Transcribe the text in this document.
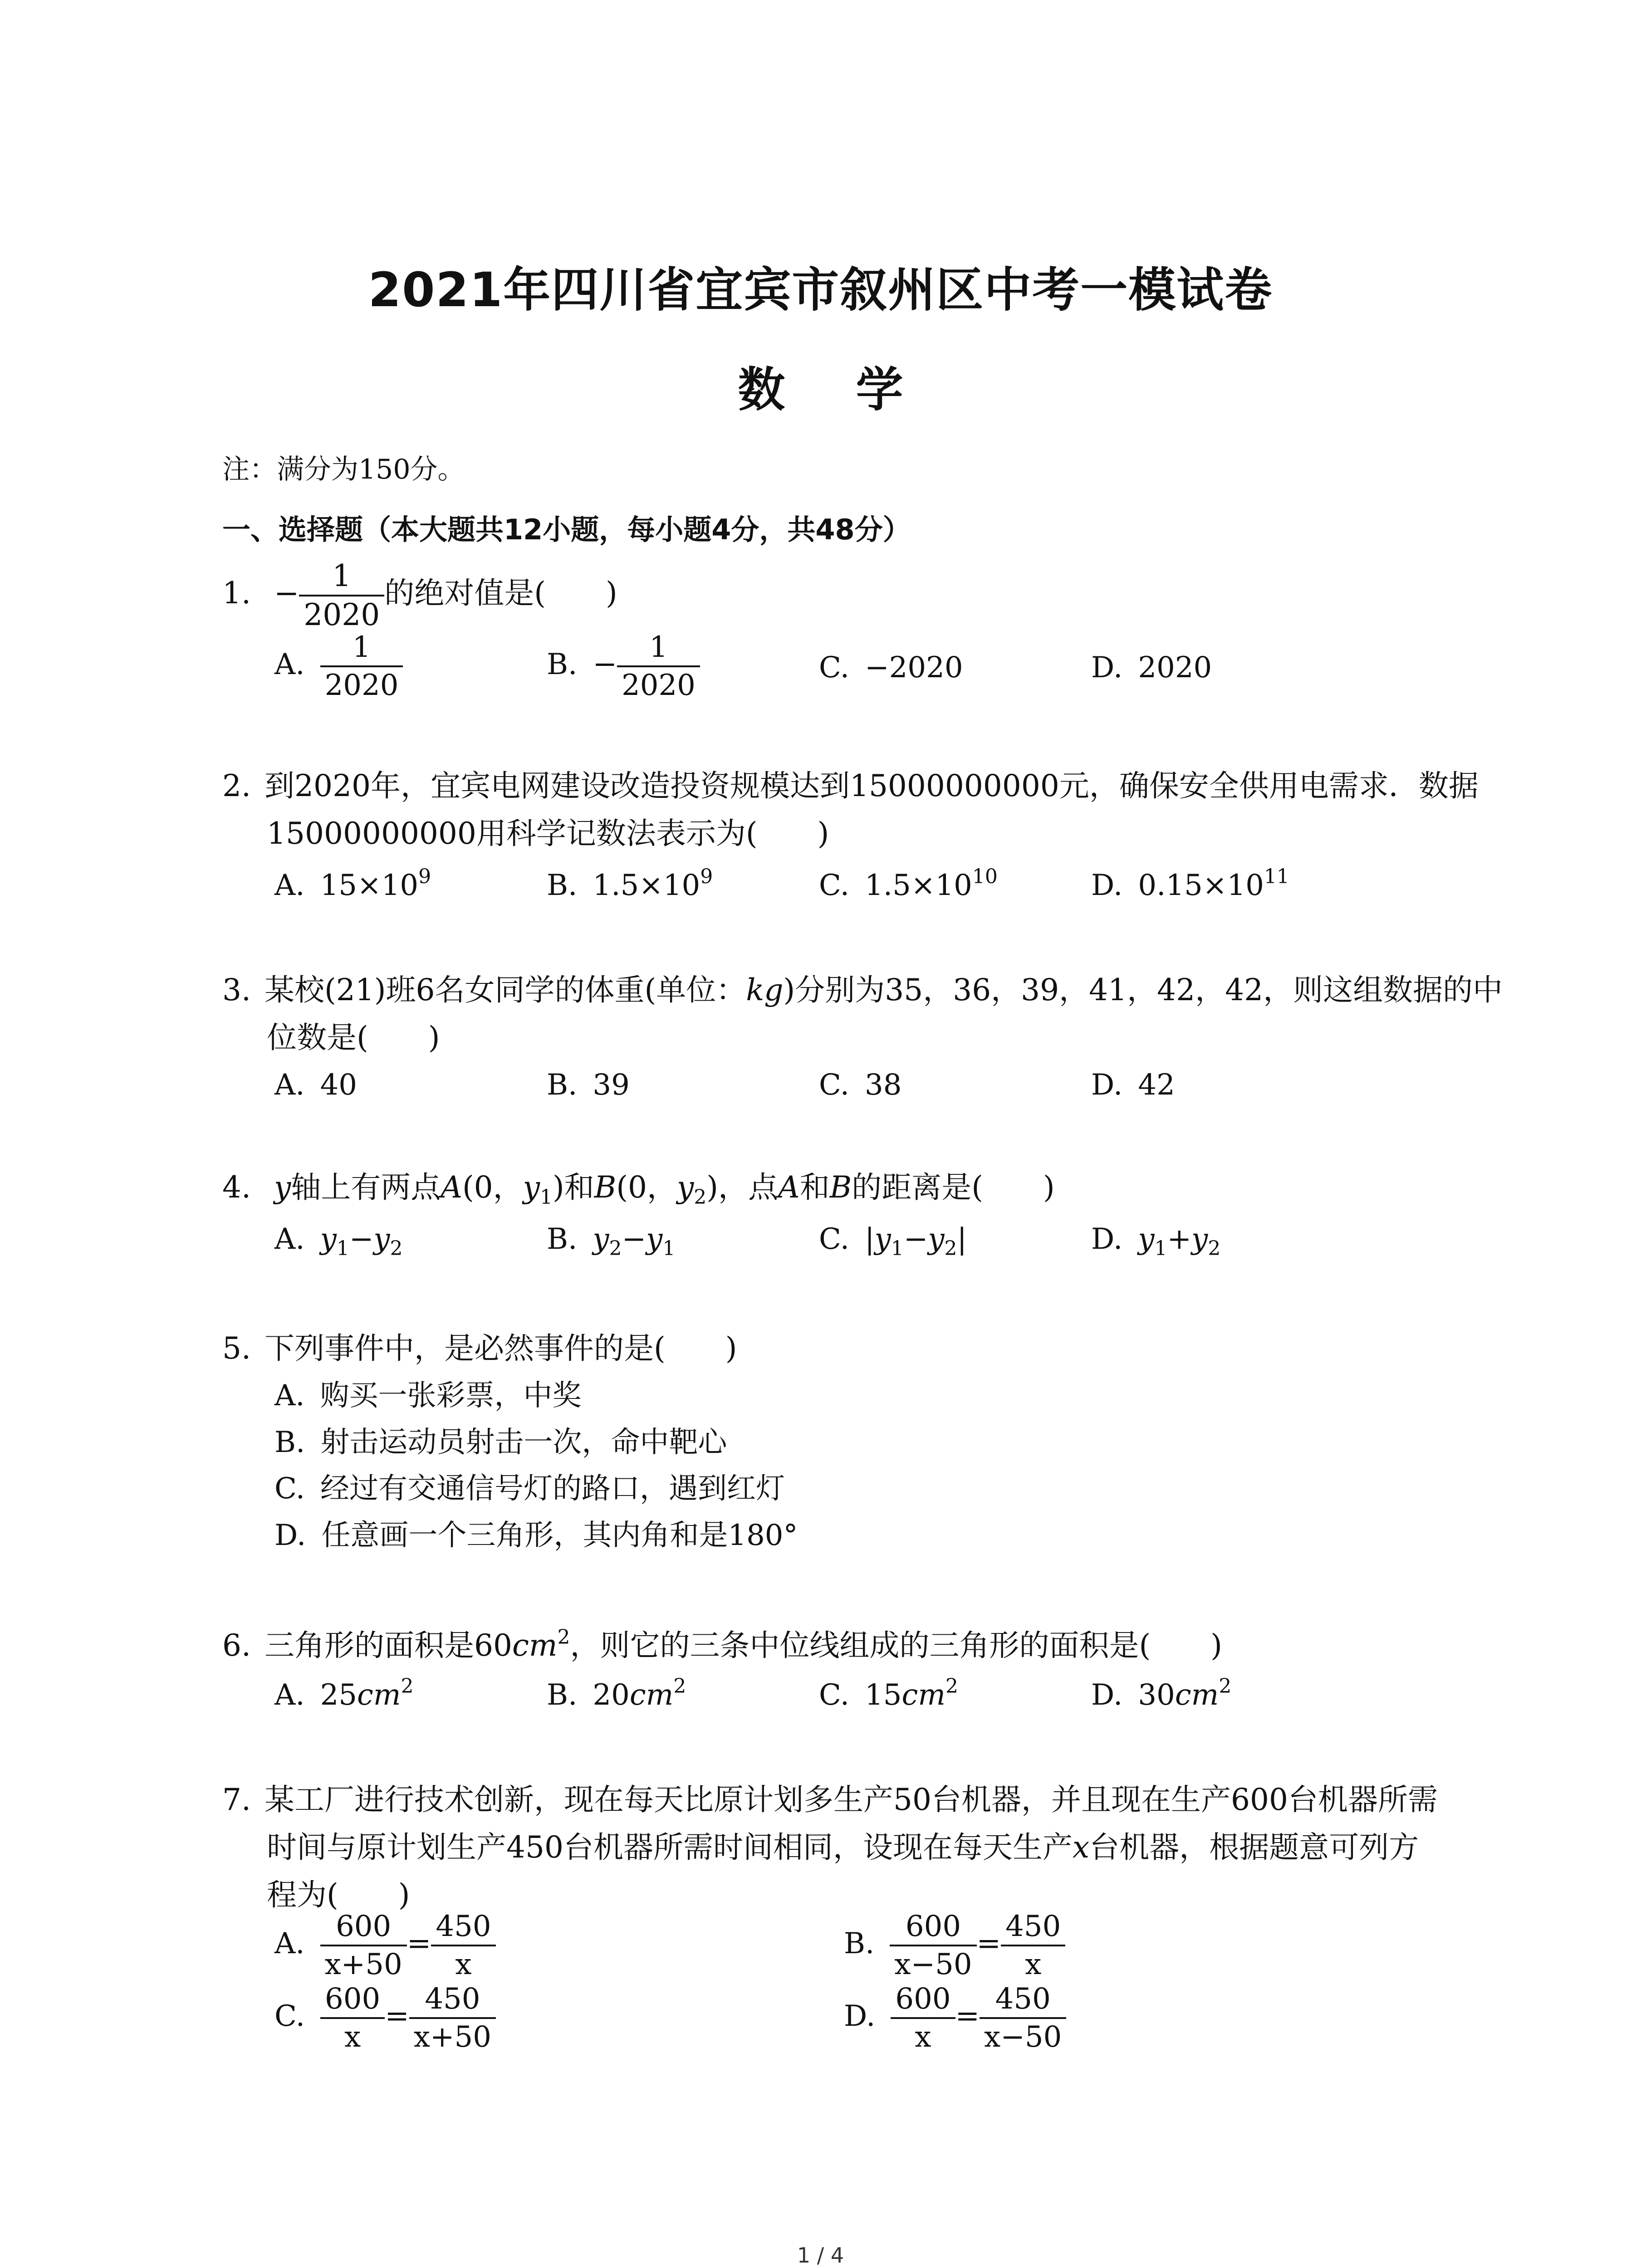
2021年四川省宜宾市叙州区中考一模试卷
数 学
注：满分为150分。
一、选择题（本大题共12小题，每小题4分，共48分）
1. − $\frac{1}{2020}$ 的绝对值是(　　)
A. $\frac{1}{2020}$	B. − $\frac{1}{2020}$	C. −2020	D. 2020
2. 到2020年，宜宾电网建设改造投资规模达到15000000000元，确保安全供用电需求．数据
15000000000用科学记数法表示为(　　)
A. $15\times 10^9$	B. $1.5\times 10^9$	C. $1.5\times 10^{10}$	D. $0.15\times 10^{11}$
3. 某校(21)班6名女同学的体重(单位：kg)分别为35，36，39，41，42，42，则这组数据的中
位数是(　　)
A. 40	B. 39	C. 38	D. 42
4. y轴上有两点A(0，$y_1$)和B(0，$y_2$)，点A和B的距离是(　　)
A. $y_1-y_2$	B. $y_2-y_1$	C. $|y_1-y_2|$	D. $y_1+y_2$
5. 下列事件中，是必然事件的是(　　)
A. 购买一张彩票，中奖
B. 射击运动员射击一次，命中靶心
C. 经过有交通信号灯的路口，遇到红灯
D. 任意画一个三角形，其内角和是180°
6. 三角形的面积是$60cm^2$，则它的三条中位线组成的三角形的面积是(　　)
A. $25cm^2$	B. $20cm^2$	C. $15cm^2$	D. $30cm^2$
7. 某工厂进行技术创新，现在每天比原计划多生产50台机器，并且现在生产600台机器所需
时间与原计划生产450台机器所需时间相同，设现在每天生产x台机器，根据题意可列方
程为(　　)
A. $\frac{600}{x+50} = \frac{450}{x}$	B. $\frac{600}{x-50} = \frac{450}{x}$
C. $\frac{600}{x} = \frac{450}{x+50}$	D. $\frac{600}{x} = \frac{450}{x-50}$
1 / 4
